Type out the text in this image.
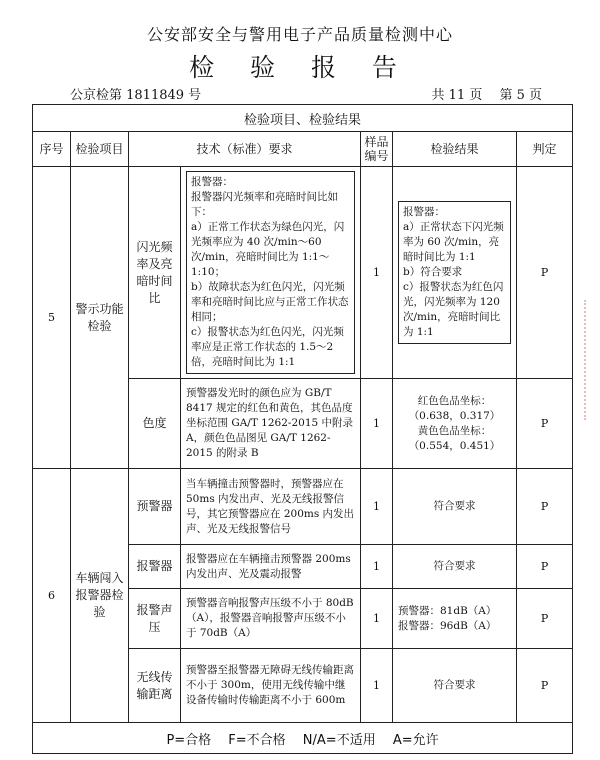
公安部安全与警用电子产品质量检测中心
检 验 报 告
公京检第 1811849 号	共 11 页　 第 5 页
检验项目、检验结果						
序号	检验项目	技术（标准）要求		样品编号	检验结果	判定
5	警示功能检验	闪光频率及亮暗时间比	报警器：
报警器闪光频率和亮暗时间比如下：
a）正常工作状态为绿色闪光，闪光频率应为 40 次/min～60 次/min，亮暗时间比为 1:1～1:10；
b）故障状态为红色闪光，闪光频率和亮暗时间比应与正常工作状态相同；
c）报警状态为红色闪光，闪光频率应是正常工作状态的 1.5～2 倍，亮暗时间比为 1:1	1	报警器：
a）正常状态下闪光频率为 60 次/min，亮暗时间比为 1:1
b）符合要求
c）报警状态为红色闪光，闪光频率为 120 次/min，亮暗时间比为 1:1	P
		色度	预警器发光时的颜色应为 GB/T 8417 规定的红色和黄色，其色品度坐标范围 GA/T 1262-2015 中附录 A，颜色色品图见 GA/T 1262-2015 的附录 B	1	红色色品坐标：
（0.638，0.317）
黄色色品坐标：
（0.554，0.451）	P
6	车辆闯入报警器检验	预警器	当车辆撞击预警器时，预警器应在 50ms 内发出声、光及无线报警信号，其它预警器应在 200ms 内发出声、光及无线报警信号	1	符合要求	P
		报警器	报警器应在车辆撞击预警器 200ms 内发出声、光及震动报警	1	符合要求	P
		报警声压	预警器音响报警声压级不小于 80dB（A），报警器音响报警声压级不小于 70dB（A）	1	预警器：81dB（A）
报警器：96dB（A）	P
		无线传输距离	预警器至报警器无障碍无线传输距离不小于 300m，使用无线传输中继设备传输时传输距离不小于 600m	1	符合要求	P
P=合格　 F=不合格　 N/A=不适用　 A=允许						
